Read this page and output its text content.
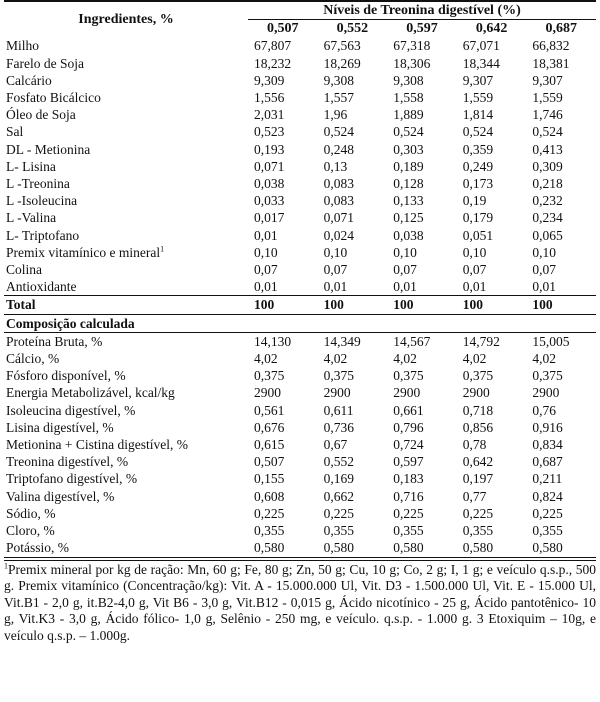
Ingredientes, %	Níveis de Treonina digestível (%)				
	0,507	0,552	0,597	0,642	0,687
Milho	67,807	67,563	67,318	67,071	66,832
Farelo de Soja	18,232	18,269	18,306	18,344	18,381
Calcário	9,309	9,308	9,308	9,307	9,307
Fosfato Bicálcico	1,556	1,557	1,558	1,559	1,559
Óleo de Soja	2,031	1,96	1,889	1,814	1,746
Sal	0,523	0,524	0,524	0,524	0,524
DL - Metionina	0,193	0,248	0,303	0,359	0,413
L- Lisina	0,071	0,13	0,189	0,249	0,309
L -Treonina	0,038	0,083	0,128	0,173	0,218
L -Isoleucina	0,033	0,083	0,133	0,19	0,232
L -Valina	0,017	0,071	0,125	0,179	0,234
L- Triptofano	0,01	0,024	0,038	0,051	0,065
Premix vitamínico e mineral$^1$	0,10	0,10	0,10	0,10	0,10
Colina	0,07	0,07	0,07	0,07	0,07
Antioxidante	0,01	0,01	0,01	0,01	0,01
Total	100	100	100	100	100
Composição calculada					
Proteína Bruta, %	14,130	14,349	14,567	14,792	15,005
Cálcio, %	4,02	4,02	4,02	4,02	4,02
Fósforo disponível, %	0,375	0,375	0,375	0,375	0,375
Energia Metabolizável, kcal/kg	2900	2900	2900	2900	2900
Isoleucina digestível, %	0,561	0,611	0,661	0,718	0,76
Lisina digestível, %	0,676	0,736	0,796	0,856	0,916
Metionina + Cistina digestível, %	0,615	0,67	0,724	0,78	0,834
Treonina digestível, %	0,507	0,552	0,597	0,642	0,687
Triptofano digestível, %	0,155	0,169	0,183	0,197	0,211
Valina digestível, %	0,608	0,662	0,716	0,77	0,824
Sódio, %	0,225	0,225	0,225	0,225	0,225
Cloro, %	0,355	0,355	0,355	0,355	0,355
Potássio, %	0,580	0,580	0,580	0,580	0,580
$^1$Premix mineral por kg de ração: Mn, 60 g; Fe, 80 g; Zn, 50 g; Cu, 10 g; Co, 2 g; I, 1 g; e veículo q.s.p., 500 g. Premix vitamínico (Concentração/kg): Vit. A - 15.000.000 Ul, Vit. D3 - 1.500.000 Ul, Vit. E - 15.000 Ul, Vit.B1 - 2,0 g, it.B2-4,0 g, Vit B6 - 3,0 g, Vit.B12 - 0,015 g, Ácido nicotínico - 25 g, Ácido pantotênico- 10 g, Vit.K3 - 3,0 g, Ácido fólico- 1,0 g, Selênio - 250 mg, e veículo. q.s.p. - 1.000 g. 3 Etoxiquim – 10g, e veículo q.s.p. – 1.000g.
